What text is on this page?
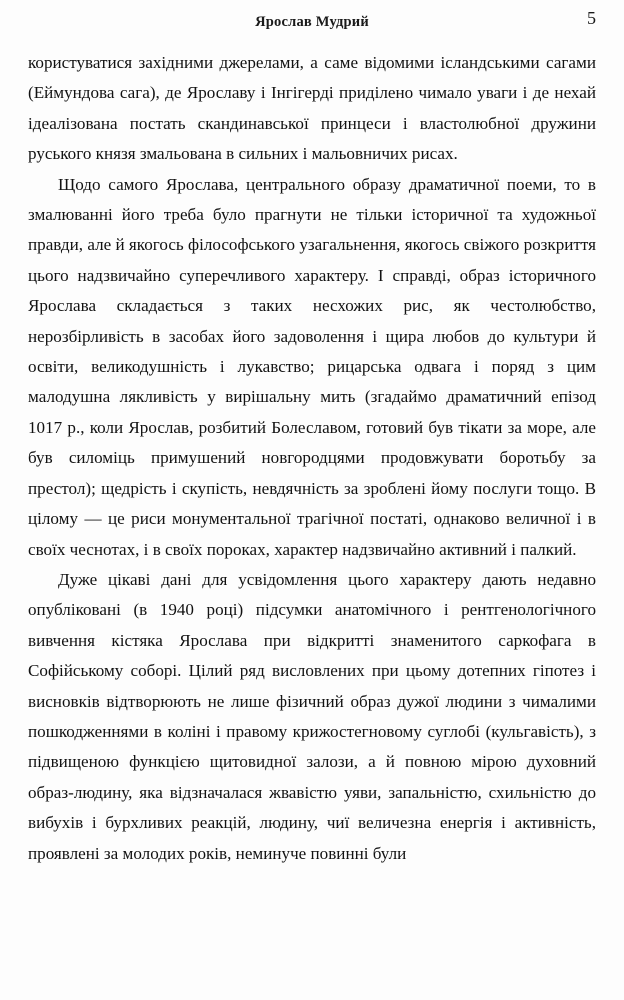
Ярослав Мудрий	5

користуватися західними джерелами, а саме відомими ісландськими сагами (Еймундова сага), де Ярославу і Інгігерді приділено чимало уваги і де нехай ідеалізована постать скандинавської принцеси і властолюбної дружини руського князя змальована в сильних і мальовничих рисах.

Щодо самого Ярослава, центрального образу драматичної поеми, то в змалюванні його треба було прагнути не тільки історичної та художньої правди, але й якогось філософського узагальнення, якогось свіжого розкриття цього надзвичайно суперечливого характеру. І справді, образ історичного Ярослава складається з таких несхожих рис, як честолюбство, нерозбірливість в засобах його задоволення і щира любов до культури й освіти, великодушність і лукавство; рицарська одвага і поряд з цим малодушна лякливість у вирішальну мить (згадаймо драматичний епізод 1017 р., коли Ярослав, розбитий Болеславом, готовий був тікати за море, але був силоміць примушений новгородцями продовжувати боротьбу за престол); щедрість і скупість, невдячність за зроблені йому послуги тощо. В цілому — це риси монументальної трагічної постаті, однаково величної і в своїх чеснотах, і в своїх пороках, характер надзвичайно активний і палкий.

Дуже цікаві дані для усвідомлення цього характеру дають недавно опубліковані (в 1940 році) підсумки анатомічного і рентгенологічного вивчення кістяка Ярослава при відкритті знаменитого саркофага в Софійському соборі. Цілий ряд висловлених при цьому дотепних гіпотез і висновків відтворюють не лише фізичний образ дужої людини з чималими пошкодженнями в коліні і правому крижостегновому суглобі (кульгавість), з підвищеною функцією щитовидної залози, а й повною мірою духовний образ-людину, яка відзначалася жвавістю уяви, запальністю, схильністю до вибухів і бурхливих реакцій, людину, чиї величезна енергія і активність, проявлені за молодих років, неминуче повинні були
